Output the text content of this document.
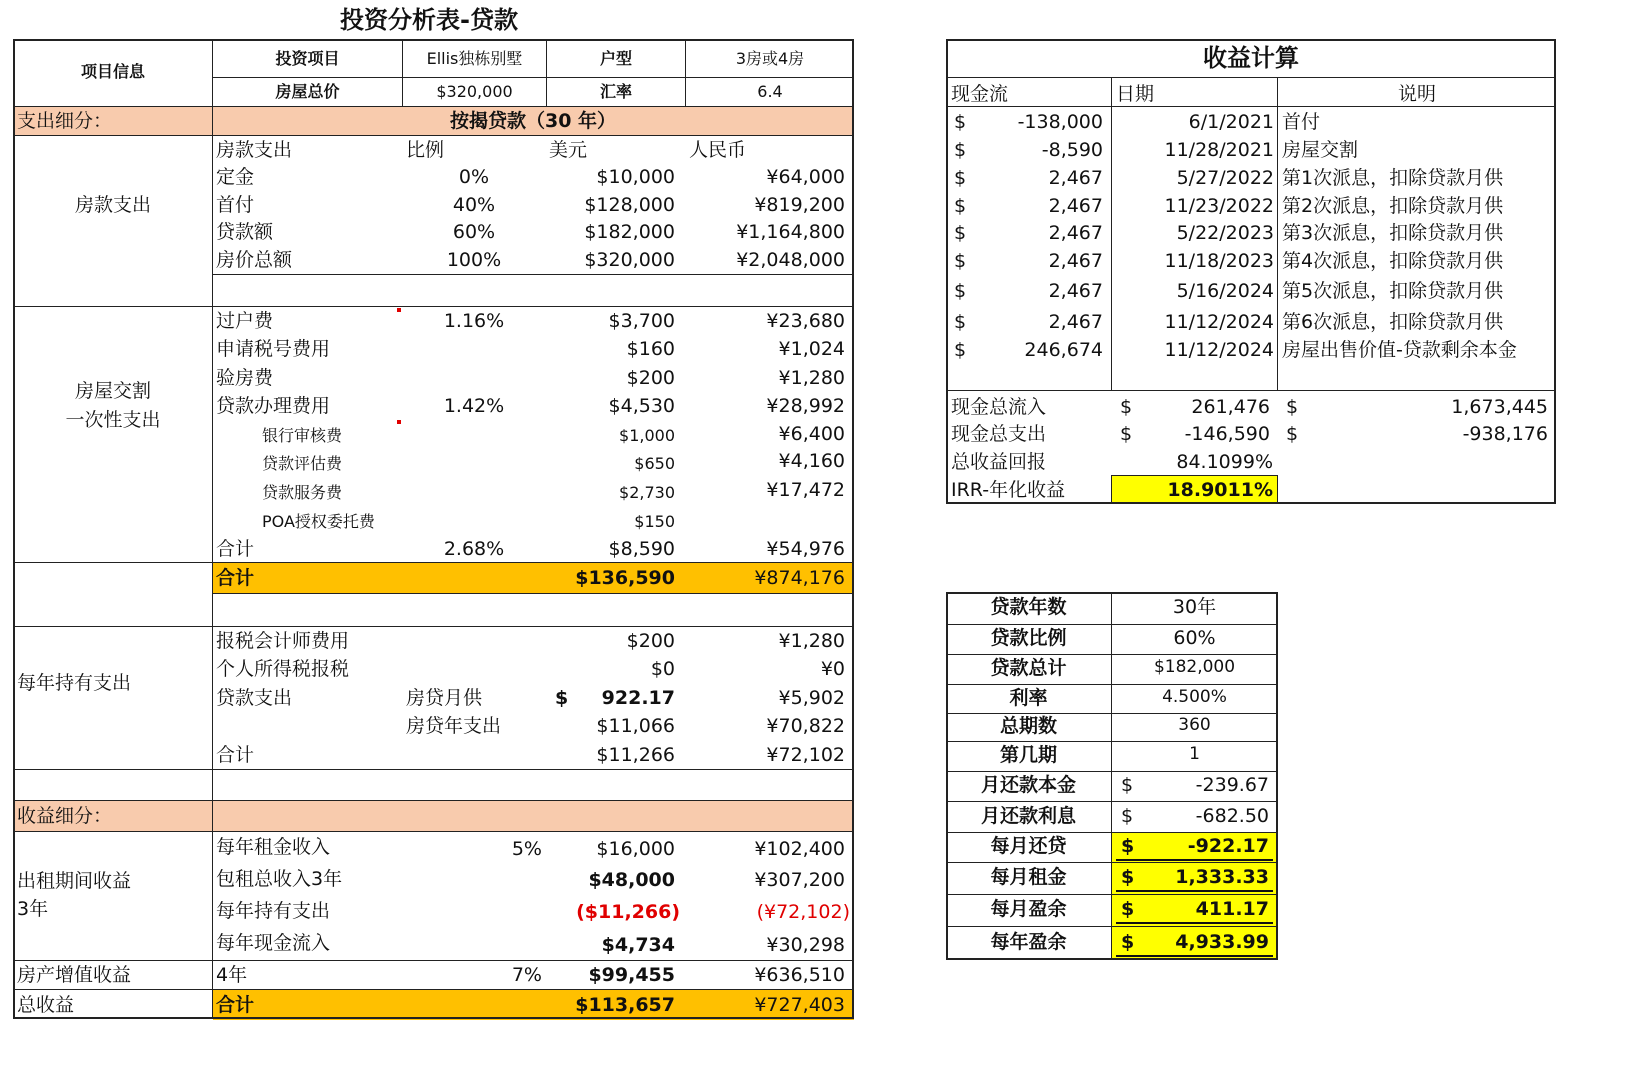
投资分析表-贷款
项目信息
投资项目	Ellis独栋别墅	户型	3房或4房
房屋总价	$320,000	汇率	6.4
支出细分：	按揭贷款（30 年）
房款支出
房款支出	比例	美元	人民币
定金	0%	$10,000	¥64,000
首付	40%	$128,000	¥819,200
贷款额	60%	$182,000	¥1,164,800
房价总额	100%	$320,000	¥2,048,000
房屋交割
一次性支出
过户费	1.16%	$3,700	¥23,680
申请税号费用	$160	¥1,024
验房费	$200	¥1,280
贷款办理费用	1.42%	$4,530	¥28,992
银行审核费	$1,000	¥6,400
贷款评估费	$650	¥4,160
贷款服务费	$2,730	¥17,472
POA授权委托费	$150
合计	2.68%	$8,590	¥54,976
合计	$136,590	¥874,176
每年持有支出
报税会计师费用	$200	¥1,280
个人所得税报税	$0	¥0
贷款支出	房贷月供	$	922.17	¥5,902
房贷年支出	$11,066	¥70,822
合计	$11,266	¥72,102
收益细分：
出租期间收益
3年
每年租金收入	5%	$16,000	¥102,400
包租总收入3年	$48,000	¥307,200
每年持有支出	($11,266)	(¥72,102)
每年现金流入	$4,734	¥30,298
房产增值收益	4年	7%	$99,455	¥636,510
总收益	合计	$113,657	¥727,403
收益计算
现金流	日期	说明
$	-138,000	6/1/2021 首付
$	-8,590	11/28/2021 房屋交割
$	2,467	5/27/2022 第1次派息，扣除贷款月供
$	2,467	11/23/2022 第2次派息，扣除贷款月供
$	2,467	5/22/2023 第3次派息，扣除贷款月供
$	2,467	11/18/2023 第4次派息，扣除贷款月供
$	2,467	5/16/2024 第5次派息，扣除贷款月供
$	2,467	11/12/2024 第6次派息，扣除贷款月供
$	246,674	11/12/2024 房屋出售价值-贷款剩余本金
现金总流入	$	261,476 $	1,673,445
现金总支出	$	-146,590 $	-938,176
总收益回报	84.1099%
IRR-年化收益	18.9011%
贷款年数	30年
贷款比例	60%
贷款总计	$182,000
利率	4.500%
总期数	360
第几期	1
月还款本金	$	-239.67
月还款利息	$	-682.50
每月还贷	$	-922.17
每月租金	$	1,333.33
每月盈余	$	411.17
每年盈余	$	4,933.99
